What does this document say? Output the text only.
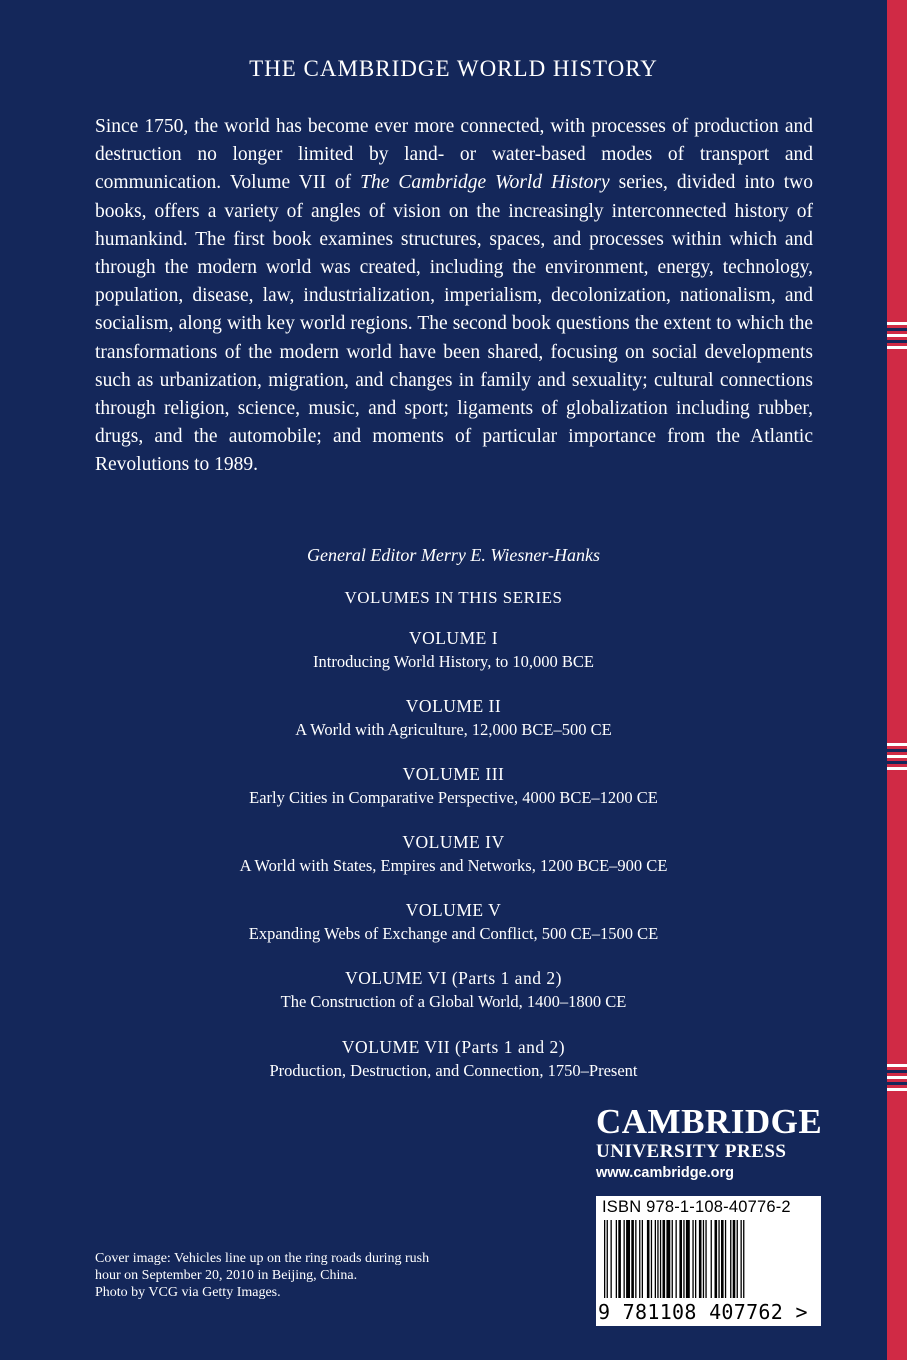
THE CAMBRIDGE WORLD HISTORY

Since 1750, the world has become ever more connected, with processes of production and destruction no longer limited by land- or water-based modes of transport and communication. Volume VII of The Cambridge World History series, divided into two books, offers a variety of angles of vision on the increasingly interconnected history of humankind. The first book examines structures, spaces, and processes within which and through the modern world was created, including the environment, energy, technology, population, disease, law, industrialization, imperialism, decolonization, nationalism, and socialism, along with key world regions. The second book questions the extent to which the transformations of the modern world have been shared, focusing on social developments such as urbanization, migration, and changes in family and sexuality; cultural connections through religion, science, music, and sport; ligaments of globalization including rubber, drugs, and the automobile; and moments of particular importance from the Atlantic Revolutions to 1989.

General Editor Merry E. Wiesner-Hanks
VOLUMES IN THIS SERIES
VOLUME I
Introducing World History, to 10,000 BCE
VOLUME II
A World with Agriculture, 12,000 BCE–500 CE
VOLUME III
Early Cities in Comparative Perspective, 4000 BCE–1200 CE
VOLUME IV
A World with States, Empires and Networks, 1200 BCE–900 CE
VOLUME V
Expanding Webs of Exchange and Conflict, 500 CE–1500 CE
VOLUME VI (Parts 1 and 2)
The Construction of a Global World, 1400–1800 CE
VOLUME VII (Parts 1 and 2)
Production, Destruction, and Connection, 1750–Present
CAMBRIDGE
UNIVERSITY PRESS
www.cambridge.org
ISBN 978-1-108-40776-2
9 781108 407762 >
Cover image: Vehicles line up on the ring roads during rush
hour on September 20, 2010 in Beijing, China.
Photo by VCG via Getty Images.
